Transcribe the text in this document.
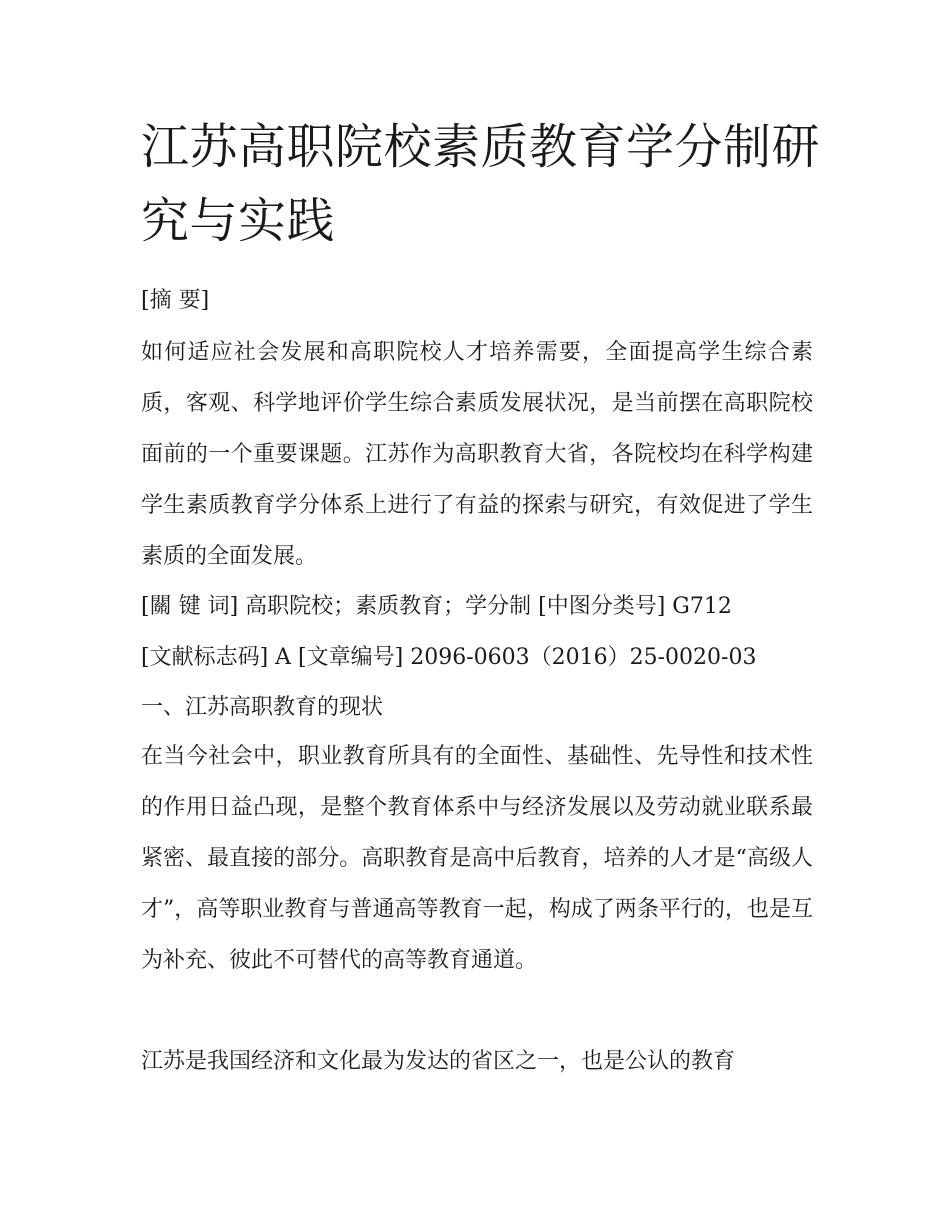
江苏高职院校素质教育学分制研究与实践

[摘 要]

如何适应社会发展和高职院校人才培养需要，全面提高学生综合素质，客观、科学地评价学生综合素质发展状况，是当前摆在高职院校面前的一个重要课题。江苏作为高职教育大省，各院校均在科学构建学生素质教育学分体系上进行了有益的探索与研究，有效促进了学生素质的全面发展。

[關 键 词] 高职院校；素质教育；学分制 [中图分类号] G712

[文献标志码] A [文章编号] 2096-0603（2016）25-0020-03

一、江苏高职教育的现状

在当今社会中，职业教育所具有的全面性、基础性、先导性和技术性的作用日益凸现，是整个教育体系中与经济发展以及劳动就业联系最紧密、最直接的部分。高职教育是高中后教育，培养的人才是“高级人才”，高等职业教育与普通高等教育一起，构成了两条平行的，也是互为补充、彼此不可替代的高等教育通道。

江苏是我国经济和文化最为发达的省区之一，也是公认的教育
